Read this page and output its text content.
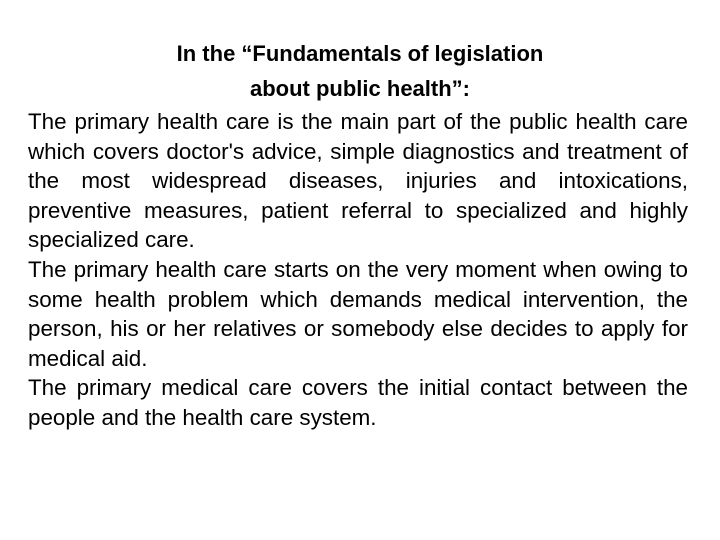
In the “Fundamentals of legislation
about public health”:

The primary health care is the main part of the public health care which covers doctor's advice, simple diagnostics and treatment of the most widespread diseases, injuries and intoxications, preventive measures, patient referral to specialized and highly specialized care.

The primary health care starts on the very moment when owing to some health problem which demands medical intervention, the person, his or her relatives or somebody else decides to apply for medical aid.

The primary medical care covers the initial contact between the people and the health care system.
